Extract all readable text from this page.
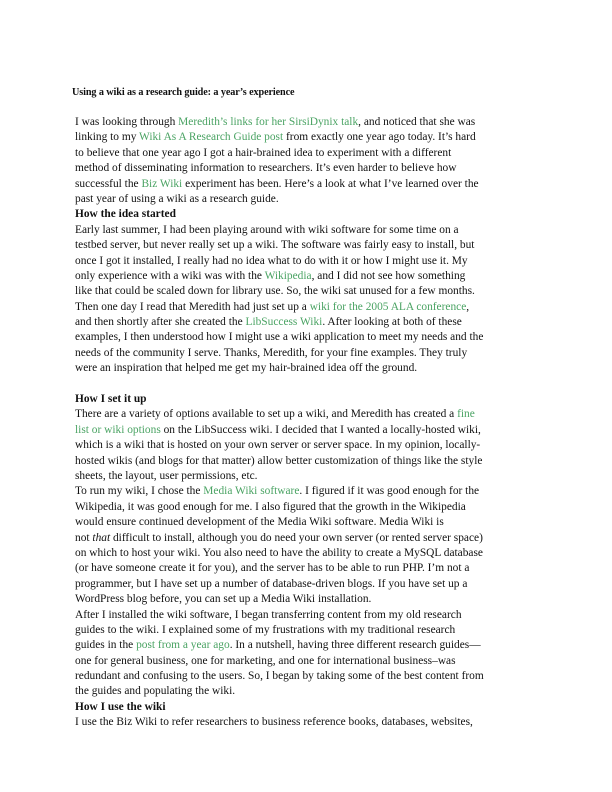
Using a wiki as a research guide: a year’s experience
I was looking through Meredith’s links for her SirsiDynix talk, and noticed that she was
linking to my Wiki As A Research Guide post from exactly one year ago today. It’s hard
to believe that one year ago I got a hair-brained idea to experiment with a different
method of disseminating information to researchers. It’s even harder to believe how
successful the Biz Wiki experiment has been. Here’s a look at what I’ve learned over the
past year of using a wiki as a research guide.
How the idea started
Early last summer, I had been playing around with wiki software for some time on a
testbed server, but never really set up a wiki. The software was fairly easy to install, but
once I got it installed, I really had no idea what to do with it or how I might use it. My
only experience with a wiki was with the Wikipedia, and I did not see how something
like that could be scaled down for library use. So, the wiki sat unused for a few months.
Then one day I read that Meredith had just set up a wiki for the 2005 ALA conference,
and then shortly after she created the LibSuccess Wiki. After looking at both of these
examples, I then understood how I might use a wiki application to meet my needs and the
needs of the community I serve. Thanks, Meredith, for your fine examples. They truly
were an inspiration that helped me get my hair-brained idea off the ground.
How I set it up
There are a variety of options available to set up a wiki, and Meredith has created a fine
list or wiki options on the LibSuccess wiki. I decided that I wanted a locally-hosted wiki,
which is a wiki that is hosted on your own server or server space. In my opinion, locally-
hosted wikis (and blogs for that matter) allow better customization of things like the style
sheets, the layout, user permissions, etc.
To run my wiki, I chose the Media Wiki software. I figured if it was good enough for the
Wikipedia, it was good enough for me. I also figured that the growth in the Wikipedia
would ensure continued development of the Media Wiki software. Media Wiki is
not that difficult to install, although you do need your own server (or rented server space)
on which to host your wiki. You also need to have the ability to create a MySQL database
(or have someone create it for you), and the server has to be able to run PHP. I’m not a
programmer, but I have set up a number of database-driven blogs. If you have set up a
WordPress blog before, you can set up a Media Wiki installation.
After I installed the wiki software, I began transferring content from my old research
guides to the wiki. I explained some of my frustrations with my traditional research
guides in the post from a year ago. In a nutshell, having three different research guides—
one for general business, one for marketing, and one for international business–was
redundant and confusing to the users. So, I began by taking some of the best content from
the guides and populating the wiki.
How I use the wiki
I use the Biz Wiki to refer researchers to business reference books, databases, websites,
